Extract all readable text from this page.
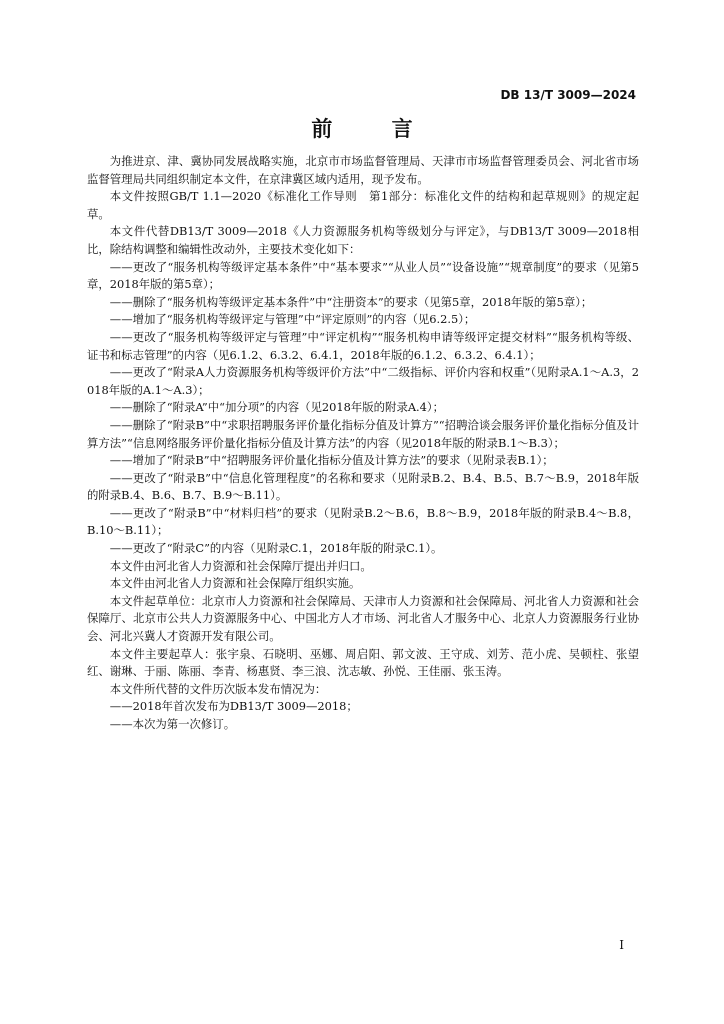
DB 13/T 3009—2024
前 言

为推进京、津、冀协同发展战略实施，北京市市场监督管理局、天津市市场监督管理委员会、河北省市场监督管理局共同组织制定本文件，在京津冀区域内适用，现予发布。

本文件按照GB/T 1.1—2020《标准化工作导则　第1部分：标准化文件的结构和起草规则》的规定起草。

本文件代替DB13/T 3009—2018《人力资源服务机构等级划分与评定》，与DB13/T 3009—2018相比，除结构调整和编辑性改动外，主要技术变化如下：

——更改了“服务机构等级评定基本条件”中“基本要求”“从业人员”“设备设施”“规章制度”的要求（见第5章，2018年版的第5章）；

——删除了“服务机构等级评定基本条件”中“注册资本”的要求（见第5章，2018年版的第5章）；

——增加了“服务机构等级评定与管理”中“评定原则”的内容（见6.2.5）；

——更改了“服务机构等级评定与管理”中“评定机构”“服务机构申请等级评定提交材料”“服务机构等级、证书和标志管理”的内容（见6.1.2、6.3.2、6.4.1，2018年版的6.1.2、6.3.2、6.4.1）；

——更改了“附录A人力资源服务机构等级评价方法”中“二级指标、评价内容和权重”（见附录A.1～A.3，2018年版的A.1～A.3）；

——删除了“附录A”中“加分项”的内容（见2018年版的附录A.4）；

——删除了“附录B”中“求职招聘服务评价量化指标分值及计算方”“招聘洽谈会服务评价量化指标分值及计算方法”“信息网络服务评价量化指标分值及计算方法”的内容（见2018年版的附录B.1～B.3）；

——增加了“附录B”中“招聘服务评价量化指标分值及计算方法”的要求（见附录表B.1）；

——更改了“附录B”中“信息化管理程度”的名称和要求（见附录B.2、B.4、B.5、B.7～B.9，2018年版的附录B.4、B.6、B.7、B.9～B.11）。

——更改了“附录B”中“材料归档”的要求（见附录B.2～B.6，B.8～B.9，2018年版的附录B.4～B.8，B.10～B.11）；

——更改了“附录C”的内容（见附录C.1，2018年版的附录C.1）。

本文件由河北省人力资源和社会保障厅提出并归口。

本文件由河北省人力资源和社会保障厅组织实施。

本文件起草单位：北京市人力资源和社会保障局、天津市人力资源和社会保障局、河北省人力资源和社会保障厅、北京市公共人力资源服务中心、中国北方人才市场、河北省人才服务中心、北京人力资源服务行业协会、河北兴冀人才资源开发有限公司。

本文件主要起草人：张宇泉、石晓明、巫娜、周启阳、郭文波、王守成、刘芳、范小虎、吴顿柱、张望红、谢琳、于丽、陈丽、李青、杨惠贤、李三浪、沈志敏、孙悦、王佳丽、张玉涛。

本文件所代替的文件历次版本发布情况为：

——2018年首次发布为DB13/T 3009—2018；

——本次为第一次修订。

I
